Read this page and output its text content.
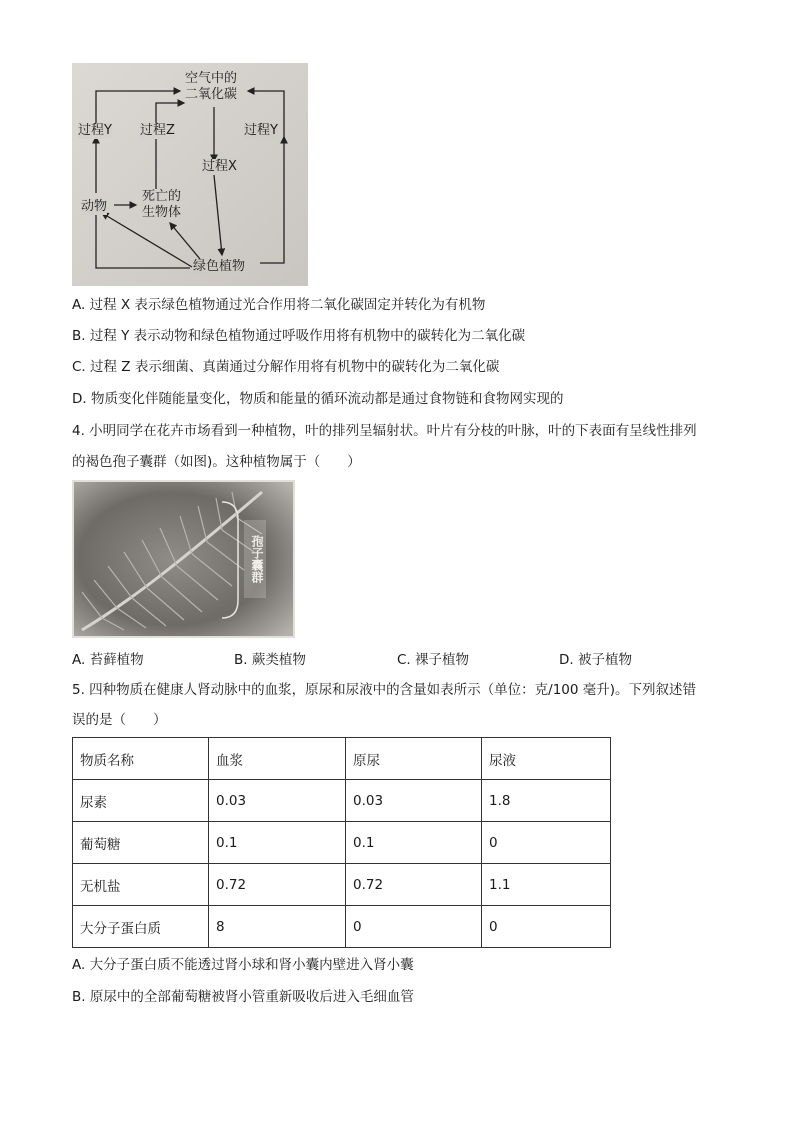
空气中的
二氧化碳
过程Y 过程Z	过程Y
过程X
动物
死亡的
生物体
绿色植物
A. 过程 X 表示绿色植物通过光合作用将二氧化碳固定并转化为有机物
B. 过程 Y 表示动物和绿色植物通过呼吸作用将有机物中的碳转化为二氧化碳
C. 过程 Z 表示细菌、真菌通过分解作用将有机物中的碳转化为二氧化碳
D. 物质变化伴随能量变化，物质和能量的循环流动都是通过食物链和食物网实现的
4. 小明同学在花卉市场看到一种植物，叶的排列呈辐射状。叶片有分枝的叶脉，叶的下表面有呈线性排列
的褐色孢子囊群（如图)。这种植物属于（　　）
孢子囊群
A. 苔藓植物	B. 蕨类植物	C. 裸子植物	D. 被子植物
5. 四种物质在健康人肾动脉中的血浆，原尿和尿液中的含量如表所示（单位：克/100 毫升)。下列叙述错
误的是（　　）
物质名称	血浆	原尿	尿液
尿素	0.03	0.03	1.8
葡萄糖	0.1	0.1	0
无机盐	0.72	0.72	1.1
大分子蛋白质	8	0	0
A. 大分子蛋白质不能透过肾小球和肾小囊内壁进入肾小囊
B. 原尿中的全部葡萄糖被肾小管重新吸收后进入毛细血管
